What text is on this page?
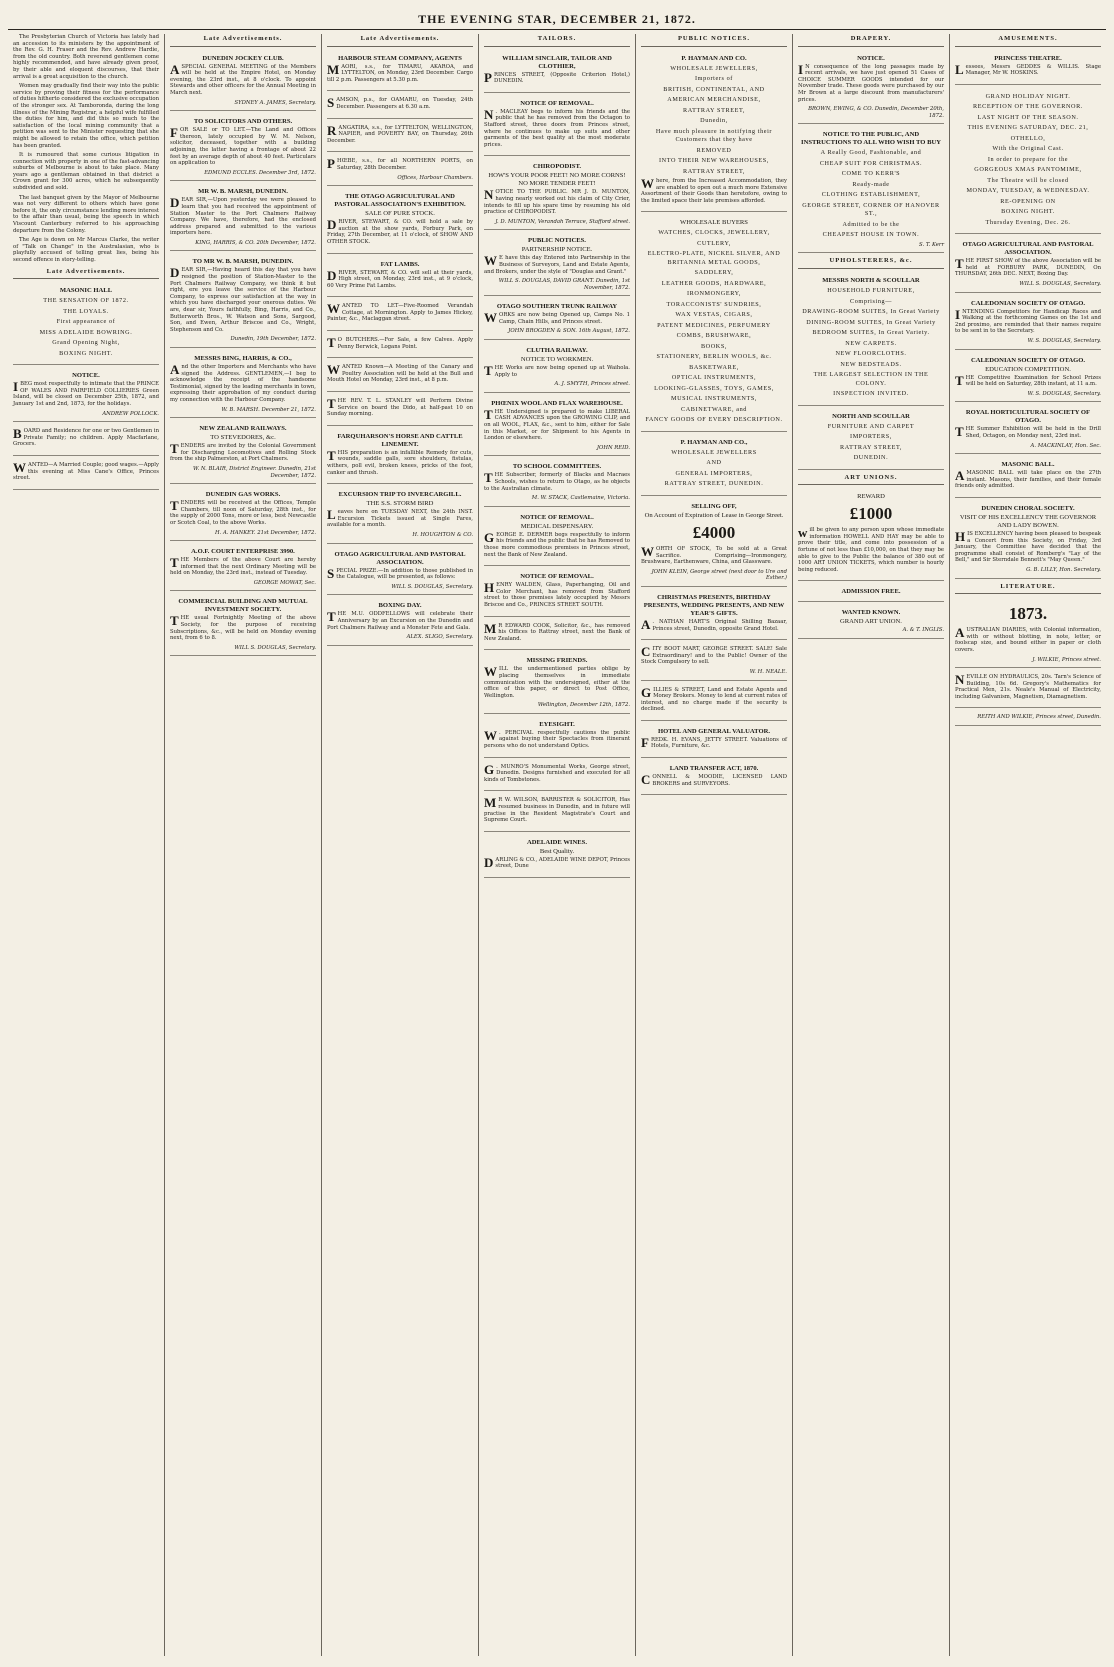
THE EVENING STAR, DECEMBER 21, 1872.

The Presbyterian Church of Victoria has lately had an accession to its ministers by the appointment of the Rev. G. H. Fraser and the Rev. Andrew Hardie, from the old country. Both reverend gentlemen come highly recommended, and have already given proof, by their able and eloquent discourses, that their arrival is a great acquisition to the church.

Women may gradually find their way into the public service by proving their fitness for the performance of duties hitherto considered the exclusive occupation of the stronger sex. At Tamboronda, during the long illness of the Mining Registrar, a helpful wife fulfilled the duties for him, and did this so much to the satisfaction of the local mining community that a petition was sent to the Minister requesting that she might be allowed to retain the office, which petition has been granted.

It is rumoured that some curious litigation in connection with property in one of the fast-advancing suburbs of Melbourne is about to take place. Many years ago a gentleman obtained in that district a Crown grant for 300 acres, which he subsequently subdivided and sold.

The last banquet given by the Mayor of Melbourne was not very different to others which have gone before it, the only circumstance lending more interest to the affair than usual, being the speech in which Viscount Canterbury referred to his approaching departure from the Colony.

The Age is down on Mr Marcus Clarke, the writer of "Talk on Change" in the Australasian, who is playfully accused of telling great lies, being his second offence in story-telling.

Late Advertisements.
MASONIC HALL
THE SENSATION OF 1872.
THE LOYALS.
First appearance of
MISS ADELAIDE BOWRING.
Grand Opening Night,
BOXING NIGHT.
NOTICE.

I BEG most respectfully to intimate that the PRINCE OF WALES AND FAIRFIELD COLLIERIES Green Island, will be closed on December 25th, 1872, and January 1st and 2nd, 1873, for the holidays.

ANDREW POLLOCK.

BOARD and Residence for one or two Gentlemen in Private Family; no children. Apply Macfarlane, Grocers.

WANTED—A Married Couple; good wages.—Apply this evening at Miss Cane's Office, Princes street.

Late Advertisements.
DUNEDIN JOCKEY CLUB.

A SPECIAL GENERAL MEETING of the Members will be held at the Empire Hotel, on Monday evening, the 23rd inst., at 8 o'clock. To appoint Stewards and other officers for the Annual Meeting in March next.

SYDNEY A. JAMES, Secretary.
TO SOLICITORS AND OTHERS.

FOR SALE or TO LET.—The Land and Offices thereon, lately occupied by W. M. Nelson, solicitor, deceased, together with a building adjoining, the latter having a frontage of about 22 feet by an average depth of about 40 feet. Particulars on application to

EDMUND ECCLES. December 3rd, 1872.
MR W. B. MARSH, DUNEDIN.

DEAR SIR,—Upon yesterday we were pleased to learn that you had received the appointment of Station Master to the Port Chalmers Railway Company. We have, therefore, had the enclosed address prepared and submitted to the various importers here.

KING, HARRIS, & CO. 20th December, 1872.
TO MR W. B. MARSH, DUNEDIN.

DEAR SIR,—Having heard this day that you have resigned the position of Station-Master to the Port Chalmers Railway Company, we think it but right, ere you leave the service of the Harbour Company, to express our satisfaction at the way in which you have discharged your onerous duties. We are, dear sir, Yours faithfully, Bing, Harris, and Co., Butterworth Bros., W. Watson and Sons, Sargood, Son, and Ewen, Arthur Briscoe and Co., Wright, Stephenson and Co.

Dunedin, 19th December, 1872.
MESSRS BING, HARRIS, & CO.,

And the other Importers and Merchants who have signed the Address. GENTLEMEN,—I beg to acknowledge the receipt of the handsome Testimonial, signed by the leading merchants in town, expressing their approbation of my conduct during my connection with the Harbour Company.

W. B. MARSH. December 21, 1872.
NEW ZEALAND RAILWAYS.
TO STEVEDORES, &c.

TENDERS are invited by the Colonial Government for Discharging Locomotives and Rolling Stock from the ship Palmerston, at Port Chalmers.

W. N. BLAIR, District Engineer. Dunedin, 21st December, 1872.
DUNEDIN GAS WORKS.

TENDERS will be received at the Offices, Temple Chambers, till noon of Saturday, 28th inst., for the supply of 2000 Tons, more or less, best Newcastle or Scotch Coal, to the above Works.

H. A. HANKEY. 21st December, 1872.
A.O.F. COURT ENTERPRISE 3990.

THE Members of the above Court are hereby informed that the next Ordinary Meeting will be held on Monday, the 23rd inst., instead of Tuesday.

GEORGE MOWAT, Sec.
COMMERCIAL BUILDING AND MUTUAL INVESTMENT SOCIETY.

THE usual Fortnightly Meeting of the above Society, for the purpose of receiving Subscriptions, &c., will be held on Monday evening next, from 6 to 8.

WILL S. DOUGLAS, Secretary.
Late Advertisements.
HARBOUR STEAM COMPANY, AGENTS

MAORI, s.s., for TIMARU, AKAROA, and LYTTELTON, on Monday, 23rd December. Cargo till 2 p.m. Passengers at 5.30 p.m.

SAMSON, p.s., for OAMARU, on Tuesday, 24th December. Passengers at 6.30 a.m.

RANGATIRA, s.s., for LYTTELTON, WELLINGTON, NAPIER, and POVERTY BAY, on Thursday, 26th December.

PHŒBE, s.s., for all NORTHERN PORTS, on Saturday, 28th December.

Offices, Harbour Chambers.
THE OTAGO AGRICULTURAL AND PASTORAL ASSOCIATION'S EXHIBITION.
SALE OF PURE STOCK.

DRIVER, STEWART, & CO. will hold a sale by auction at the show yards, Forbury Park, on Friday, 27th December, at 11 o'clock, of SHOW AND OTHER STOCK.

FAT LAMBS.

DRIVER, STEWART, & CO. will sell at their yards, High street, on Monday, 23rd inst., at 9 o'clock, 60 Very Prime Fat Lambs.

WANTED TO LET—Five-Roomed Verandah Cottage, at Mornington. Apply to James Hickey, Painter, &c., Maclaggan street.

T O BUTCHERS.—For Sale, a few Calves. Apply Penny Berwick, Logans Point.

WANTED Known—A Meeting of the Canary and Poultry Association will be held at the Bull and Mouth Hotel on Monday, 23rd inst., at 8 p.m.

THE REV. T. L. STANLEY will Perform Divine Service on board the Dido, at half-past 10 on Sunday morning.

FARQUHARSON'S HORSE AND CATTLE LINEMENT.

THIS preparation is an infallible Remedy for cuts, wounds, saddle galls, sore shoulders, fistulas, withers, poll evil, broken knees, pricks of the foot, canker and thrush.

EXCURSION TRIP TO INVERCARGILL.
THE S.S. STORM BIRD

Leaves here on TUESDAY NEXT, the 24th INST. Excursion Tickets issued at Single Fares, available for a month.

H. HOUGHTON & CO.
OTAGO AGRICULTURAL AND PASTORAL ASSOCIATION.

SPECIAL PRIZE.—In addition to those published in the Catalogue, will be presented, as follows:

WILL S. DOUGLAS, Secretary.
BOXING DAY.

THE M.U. ODDFELLOWS will celebrate their Anniversary by an Excursion on the Dunedin and Port Chalmers Railway and a Monster Fete and Gala.

ALEX. SLIGO, Secretary.
TAILORS.
WILLIAM SINCLAIR, TAILOR AND CLOTHIER,

PRINCES STREET, (Opposite Criterion Hotel,) DUNEDIN.

NOTICE OF REMOVAL.

N . MACLEAY begs to inform his friends and the public that he has removed from the Octagon to Stafford street, three doors from Princes street, where he continues to make up suits and other garments of the best quality at the most moderate prices.

CHIROPODIST.
HOW'S YOUR POOR FEET! NO MORE CORNS! NO MORE TENDER FEET!

NOTICE TO THE PUBLIC. MR J. D. MUNTON, having nearly worked out his claim of City Crier, intends to fill up his spare time by resuming his old practice of CHIROPODIST.

J. D. MUNTON, Verandah Terrace, Stafford street.
PUBLIC NOTICES.
PARTNERSHIP NOTICE.

W E have this day Entered into Partnership in the Business of Surveyors, Land and Estate Agents, and Brokers, under the style of "Douglas and Grant."

WILL S. DOUGLAS, DAVID GRANT. Dunedin, 1st November, 1872.
OTAGO SOUTHERN TRUNK RAILWAY

WORKS are now being Opened up, Camps No. 1 Camp, Chain Hills, and Princes street.

JOHN BROGDEN & SON. 16th August, 1872.
CLUTHA RAILWAY.
NOTICE TO WORKMEN.

THE Works are now being opened up at Waihola. Apply to

A. J. SMYTH, Princes street.
PHŒNIX WOOL AND FLAX WAREHOUSE.

THE Undersigned is prepared to make LIBERAL CASH ADVANCES upon the GROWING CLIP, and on all WOOL, FLAX, &c., sent to him, either for Sale in this Market, or for Shipment to his Agents in London or elsewhere.

JOHN REID.
TO SCHOOL COMMITTEES.

THE Subscriber, formerly of Blacks and Macraes Schools, wishes to return to Otago, as he objects to the Australian climate.

M. W. STACK, Castlemaine, Victoria.
NOTICE OF REMOVAL.
MEDICAL DISPENSARY.

GEORGE E. DERMER begs respectfully to inform his friends and the public that he has Removed to those more commodious premises in Princes street, next the Bank of New Zealand.

NOTICE OF REMOVAL.

HENRY WALDEN, Glass, Paperhanging, Oil and Color Merchant, has removed from Stafford street to those premises lately occupied by Messrs Briscoe and Co., PRINCES STREET SOUTH.

M R EDWARD COOK, Solicitor, &c., has removed his Offices to Rattray street, next the Bank of New Zealand.

MISSING FRIENDS.

WILL the undermentioned parties oblige by placing themselves in immediate communication with the undersigned, either at the office of this paper, or direct to Post Office, Wellington.

Wellington, December 12th, 1872.
EYESIGHT.

W . PERCIVAL respectfully cautions the public against buying their Spectacles from itinerant persons who do not understand Optics.

G . MUNRO'S Monumental Works, George street, Dunedin. Designs furnished and executed for all kinds of Tombstones.

M R W. WILSON, BARRISTER & SOLICITOR, Has resumed business in Dunedin, and in future will practise in the Resident Magistrate's Court and Supreme Court.

ADELAIDE WINES.
Best Quality.

DARLING & CO., ADELAIDE WINE DEPOT, Princes street, Dune

PUBLIC NOTICES.
P. HAYMAN AND CO.
WHOLESALE JEWELLERS,
Importers of
BRITISH, CONTINENTAL, AND
AMERICAN MERCHANDISE,
RATTRAY STREET,
Dunedin,
Have much pleasure in notifying their Customers that they have
REMOVED
INTO THEIR NEW WAREHOUSES,
RATTRAY STREET,

Where, from the Increased Accommodation, they are enabled to open out a much more Extensive Assortment of their Goods than heretofore, owing to the limited space their late premises afforded.

WHOLESALE BUYERS
WATCHES, CLOCKS, JEWELLERY,
CUTLERY,
ELECTRO-PLATE, NICKEL SILVER, AND BRITANNIA METAL GOODS,
SADDLERY,
LEATHER GOODS, HARDWARE,
IRONMONGERY,
TORACCONISTS' SUNDRIES,
WAX VESTAS, CIGARS,
PATENT MEDICINES, PERFUMERY
COMBS, BRUSHWARE,
BOOKS,
STATIONERY, BERLIN WOOLS, &c.
BASKETWARE,
OPTICAL INSTRUMENTS,
LOOKING-GLASSES, TOYS, GAMES,
MUSICAL INSTRUMENTS,
CABINETWARE, and
FANCY GOODS OF EVERY DESCRIPTION.
P. HAYMAN AND CO.,
WHOLESALE JEWELLERS
AND
GENERAL IMPORTERS,
RATTRAY STREET, DUNEDIN.
SELLING OFF,
On Account of Expiration of Lease in George Street.
£4000

WORTH OF STOCK, To be sold at a Great Sacrifice. Comprising—Ironmongery, Brushware, Earthenware, China, and Glassware.

JOHN KLEIN, George street (next door to Ure and Esther.)
CHRISTMAS PRESENTS, BIRTHDAY PRESENTS, WEDDING PRESENTS, AND NEW YEAR'S GIFTS.

A . NATHAN HART'S Original Shilling Bazaar, Princes street, Dunedin, opposite Grand Hotel.

CITY BOOT MART, GEORGE STREET. SALE! Sale Extraordinary! and to the Public! Owner of the Stock Compulsory to sell.

W. H. NEALE.

GILLIES & STREET, Land and Estate Agents and Money Brokers. Money to lend at current rates of interest, and no charge made if the security is declined.

HOTEL AND GENERAL VALUATOR.

FREDK. H. EVANS, JETTY STREET. Valuations of Hotels, Furniture, &c.

LAND TRANSFER ACT, 1870.

CONNELL & MOODIE, LICENSED LAND BROKERS and SURVEYORS.

DRAPERY.
NOTICE.

I N consequence of the long passages made by recent arrivals, we have just opened 51 Cases of CHOICE SUMMER GOODS intended for our November trade. These goods were purchased by our Mr Brown at a large discount from manufacturers' prices.

BROWN, EWING, & CO. Dunedin, December 20th, 1872.
NOTICE TO THE PUBLIC, AND INSTRUCTIONS TO ALL WHO WISH TO BUY
A Really Good, Fashionable, and
CHEAP SUIT FOR CHRISTMAS.
COME TO KERR'S
Ready-made
CLOTHING ESTABLISHMENT,
GEORGE STREET, CORNER OF HANOVER ST.,
Admitted to be the
CHEAPEST HOUSE IN TOWN.
S. T. Kerr
UPHOLSTERERS, &c.
MESSRS NORTH & SCOULLAR
HOUSEHOLD FURNITURE,
Comprising—
DRAWING-ROOM SUITES, In Great Variety
DINING-ROOM SUITES, In Great Variety
BEDROOM SUITES, In Great Variety.
NEW CARPETS.
NEW FLOORCLOTHS.
NEW BEDSTEADS.
THE LARGEST SELECTION IN THE COLONY.
INSPECTION INVITED.
NORTH AND SCOULLAR
FURNITURE AND CARPET
IMPORTERS,
RATTRAY STREET,
DUNEDIN.
ART UNIONS.
REWARD
£1000

will be given to any person upon whose immediate information HOWELL AND HAY may be able to prove their title, and come into possession of a fortune of not less than £10,000, on that they may be able to give to the Public the balance of 380 out of 1000 ART UNION TICKETS, which number is hourly being reduced.

ADMISSION FREE.
WANTED KNOWN.
GRAND ART UNION.
A. & T. INGLIS.
AMUSEMENTS.
PRINCESS THEATRE.

Lessees, Messrs GEDDES & WILLIS. Stage Manager, Mr W. HOSKINS.

GRAND HOLIDAY NIGHT.
RECEPTION OF THE GOVERNOR.
LAST NIGHT OF THE SEASON.
THIS EVENING SATURDAY, DEC. 21,
OTHELLO,
With the Original Cast.
In order to prepare for the
GORGEOUS XMAS PANTOMIME,
The Theatre will be closed
MONDAY, TUESDAY, & WEDNESDAY.
RE-OPENING ON
BOXING NIGHT.
Thursday Evening, Dec. 26.
OTAGO AGRICULTURAL AND PASTORAL ASSOCIATION.

THE FIRST SHOW of the above Association will be held at FORBURY PARK, DUNEDIN, On THURSDAY, 26th DEC. NEXT, Boxing Day.

WILL S. DOUGLAS, Secretary.
CALEDONIAN SOCIETY OF OTAGO.

INTENDING Competitors for Handicap Races and Walking at the forthcoming Games on the 1st and 2nd proximo, are reminded that their names require to be sent in to the Secretary.

W. S. DOUGLAS, Secretary.
CALEDONIAN SOCIETY OF OTAGO.
EDUCATION COMPETITION.

THE Competitive Examination for School Prizes will be held on Saturday, 28th instant, at 11 a.m.

W. S. DOUGLAS, Secretary.
ROYAL HORTICULTURAL SOCIETY OF OTAGO.

THE Summer Exhibition will be held in the Drill Shed, Octagon, on Monday next, 23rd inst.

A. MACKINLAY, Hon. Sec.
MASONIC BALL.

A MASONIC BALL will take place on the 27th instant. Masons, their families, and their female friends only admitted.

DUNEDIN CHORAL SOCIETY.
VISIT OF HIS EXCELLENCY THE GOVERNOR AND LADY BOWEN.

HIS EXCELLENCY having been pleased to bespeak a Concert from this Society, on Friday, 3rd January, the Committee have decided that the programme shall consist of Romberg's "Lay of the Bell," and Sir Sterndale Bennett's "May Queen."

G. B. LILLY, Hon. Secretary.
LITERATURE.
1873.

AUSTRALIAN DIARIES, with Colonial information, with or without blotting, in note, letter, or foolscap size, and bound either in paper or cloth covers.

J. WILKIE, Princes street.

NEVILLE ON HYDRAULICS, 20s. Tarn's Science of Building, 10s 6d. Gregory's Mathematics for Practical Men, 21s. Neale's Manual of Electricity, including Galvanism, Magnetism, Diamagnetism.

REITH AND WILKIE, Princes street, Dunedin.
